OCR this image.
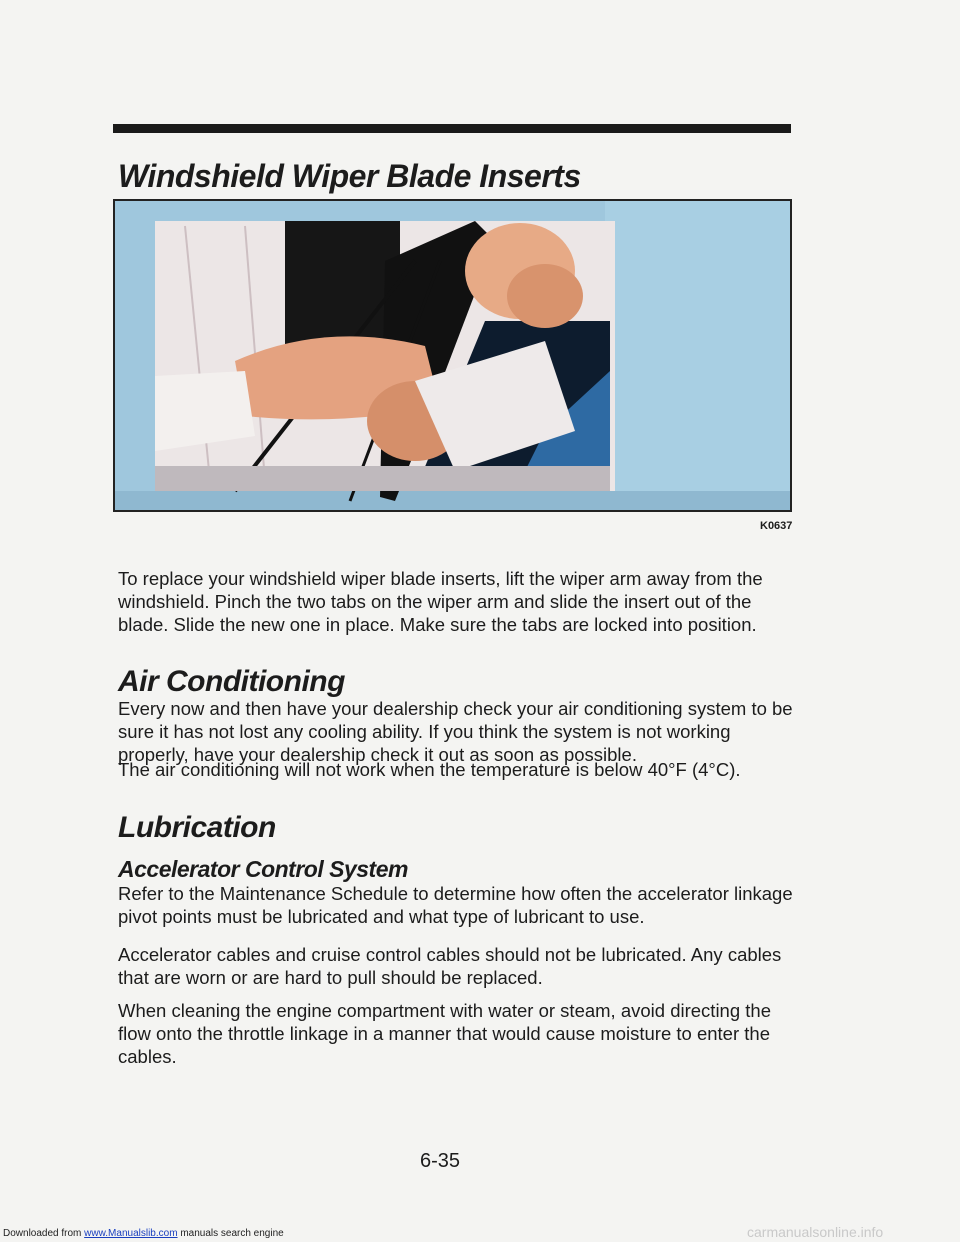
Windshield Wiper Blade Inserts
K0637

To replace your windshield wiper blade inserts, lift the wiper arm away from the windshield. Pinch the two tabs on the wiper arm and slide the insert out of the blade. Slide the new one in place. Make sure the tabs are locked into position.

Air Conditioning

Every now and then have your dealership check your air conditioning system to be sure it has not lost any cooling ability. If you think the system is not working properly, have your dealership check it out as soon as possible.

The air conditioning will not work when the temperature is below 40°F (4°C).

Lubrication
Accelerator Control System

Refer to the Maintenance Schedule to determine how often the accelerator linkage pivot points must be lubricated and what type of lubricant to use.

Accelerator cables and cruise control cables should not be lubricated. Any cables that are worn or are hard to pull should be replaced.

When cleaning the engine compartment with water or steam, avoid directing the flow onto the throttle linkage in a manner that would cause moisture to enter the cables.

6-35
Downloaded from www.Manualslib.com manuals search engine	carmanualsonline.info
